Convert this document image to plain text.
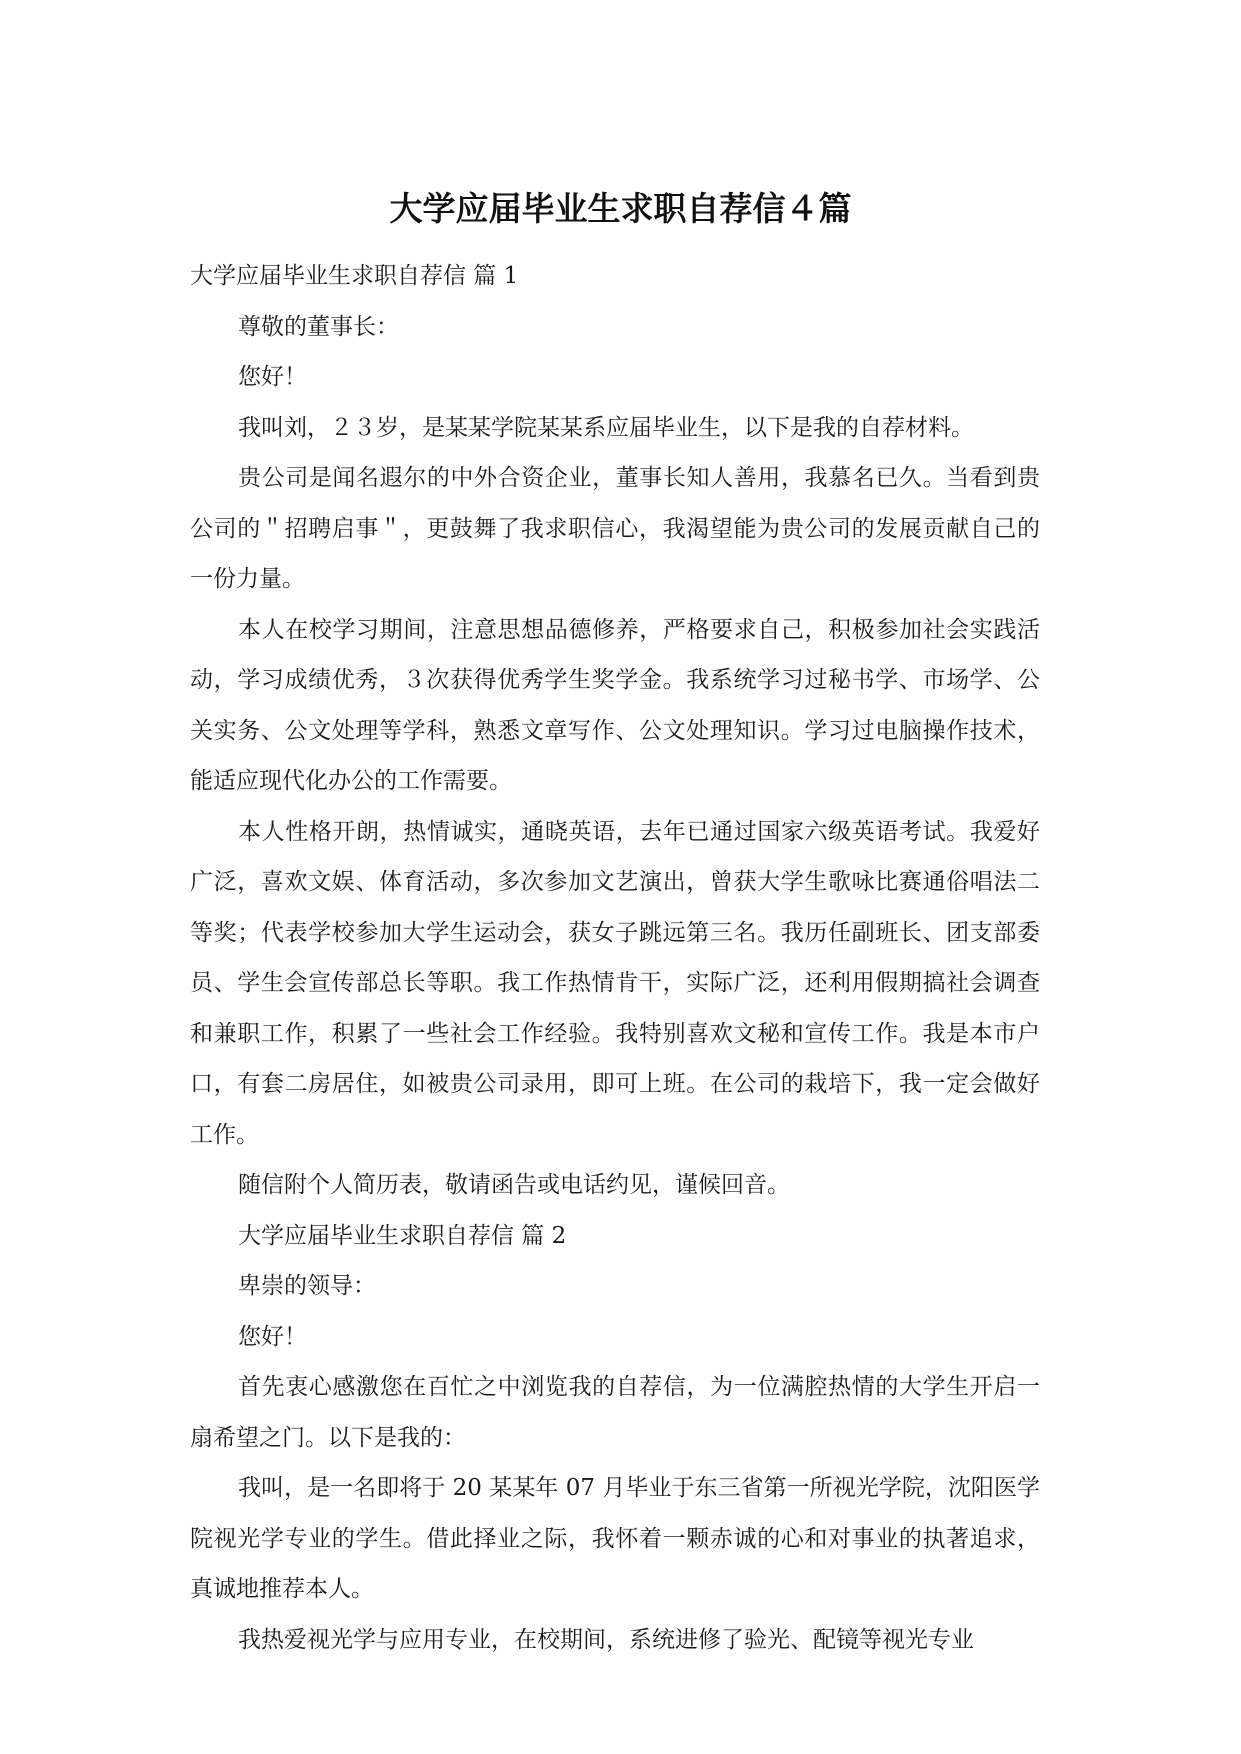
大学应届毕业生求职自荐信４篇

大学应届毕业生求职自荐信 篇 1

尊敬的董事长：

您好！

我叫刘，２３岁，是某某学院某某系应届毕业生，以下是我的自荐材料。

贵公司是闻名遐尔的中外合资企业，董事长知人善用，我慕名已久。当看到贵公司的＂招聘启事＂，更鼓舞了我求职信心，我渴望能为贵公司的发展贡献自己的一份力量。

本人在校学习期间，注意思想品德修养，严格要求自己，积极参加社会实践活动，学习成绩优秀，３次获得优秀学生奖学金。我系统学习过秘书学、市场学、公关实务、公文处理等学科，熟悉文章写作、公文处理知识。学习过电脑操作技术，能适应现代化办公的工作需要。

本人性格开朗，热情诚实，通晓英语，去年已通过国家六级英语考试。我爱好广泛，喜欢文娱、体育活动，多次参加文艺演出，曾获大学生歌咏比赛通俗唱法二等奖；代表学校参加大学生运动会，获女子跳远第三名。我历任副班长、团支部委员、学生会宣传部总长等职。我工作热情肯干，实际广泛，还利用假期搞社会调查和兼职工作，积累了一些社会工作经验。我特别喜欢文秘和宣传工作。我是本市户口，有套二房居住，如被贵公司录用，即可上班。在公司的栽培下，我一定会做好工作。

随信附个人简历表，敬请函告或电话约见，谨候回音。

大学应届毕业生求职自荐信 篇 2

卑崇的领导：

您好！

首先衷心感激您在百忙之中浏览我的自荐信，为一位满腔热情的大学生开启一扇希望之门。以下是我的：

我叫，是一名即将于 20 某某年 07 月毕业于东三省第一所视光学院，沈阳医学院视光学专业的学生。借此择业之际，我怀着一颗赤诚的心和对事业的执著追求，真诚地推荐本人。

我热爱视光学与应用专业，在校期间，系统进修了验光、配镜等视光专业
